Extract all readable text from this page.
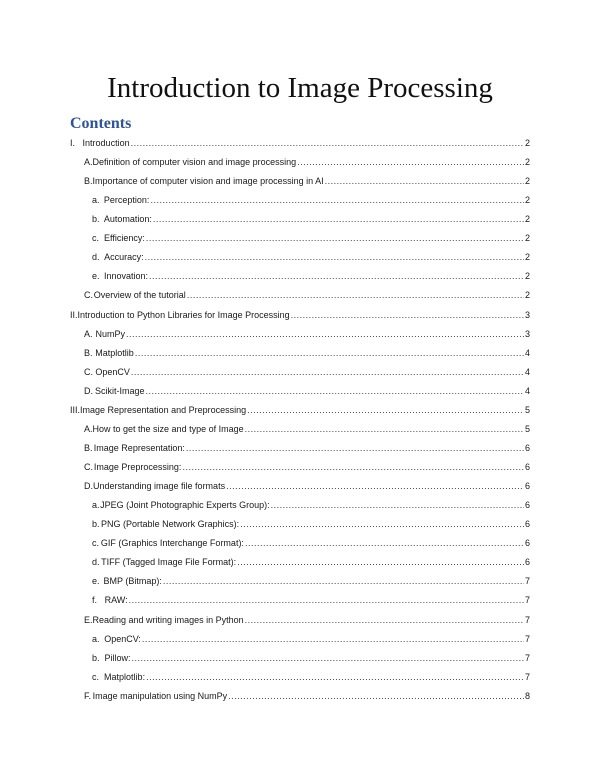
Introduction to Image Processing
Contents
I. Introduction .....	2
A. Definition of computer vision and image processing .....	2
B. Importance of computer vision and image processing in AI .....	2
a. Perception: .....	2
b. Automation: .....	2
c. Efficiency: .....	2
d. Accuracy: .....	2
e. Innovation: .....	2
C. Overview of the tutorial .....	2
II. Introduction to Python Libraries for Image Processing .....	3
A. NumPy .....	3
B. Matplotlib .....	4
C. OpenCV .....	4
D. Scikit-Image .....	4
III. Image Representation and Preprocessing .....	5
A. How to get the size and type of Image .....	5
B. Image Representation: .....	6
C. Image Preprocessing: .....	6
D. Understanding image file formats .....	6
a. JPEG (Joint Photographic Experts Group): .....	6
b. PNG (Portable Network Graphics): .....	6
c. GIF (Graphics Interchange Format): .....	6
d. TIFF (Tagged Image File Format): .....	6
e. BMP (Bitmap): .....	7
f. RAW: .....	7
E. Reading and writing images in Python .....	7
a. OpenCV: .....	7
b. Pillow: .....	7
c. Matplotlib: .....	7
F. Image manipulation using NumPy .....	8
